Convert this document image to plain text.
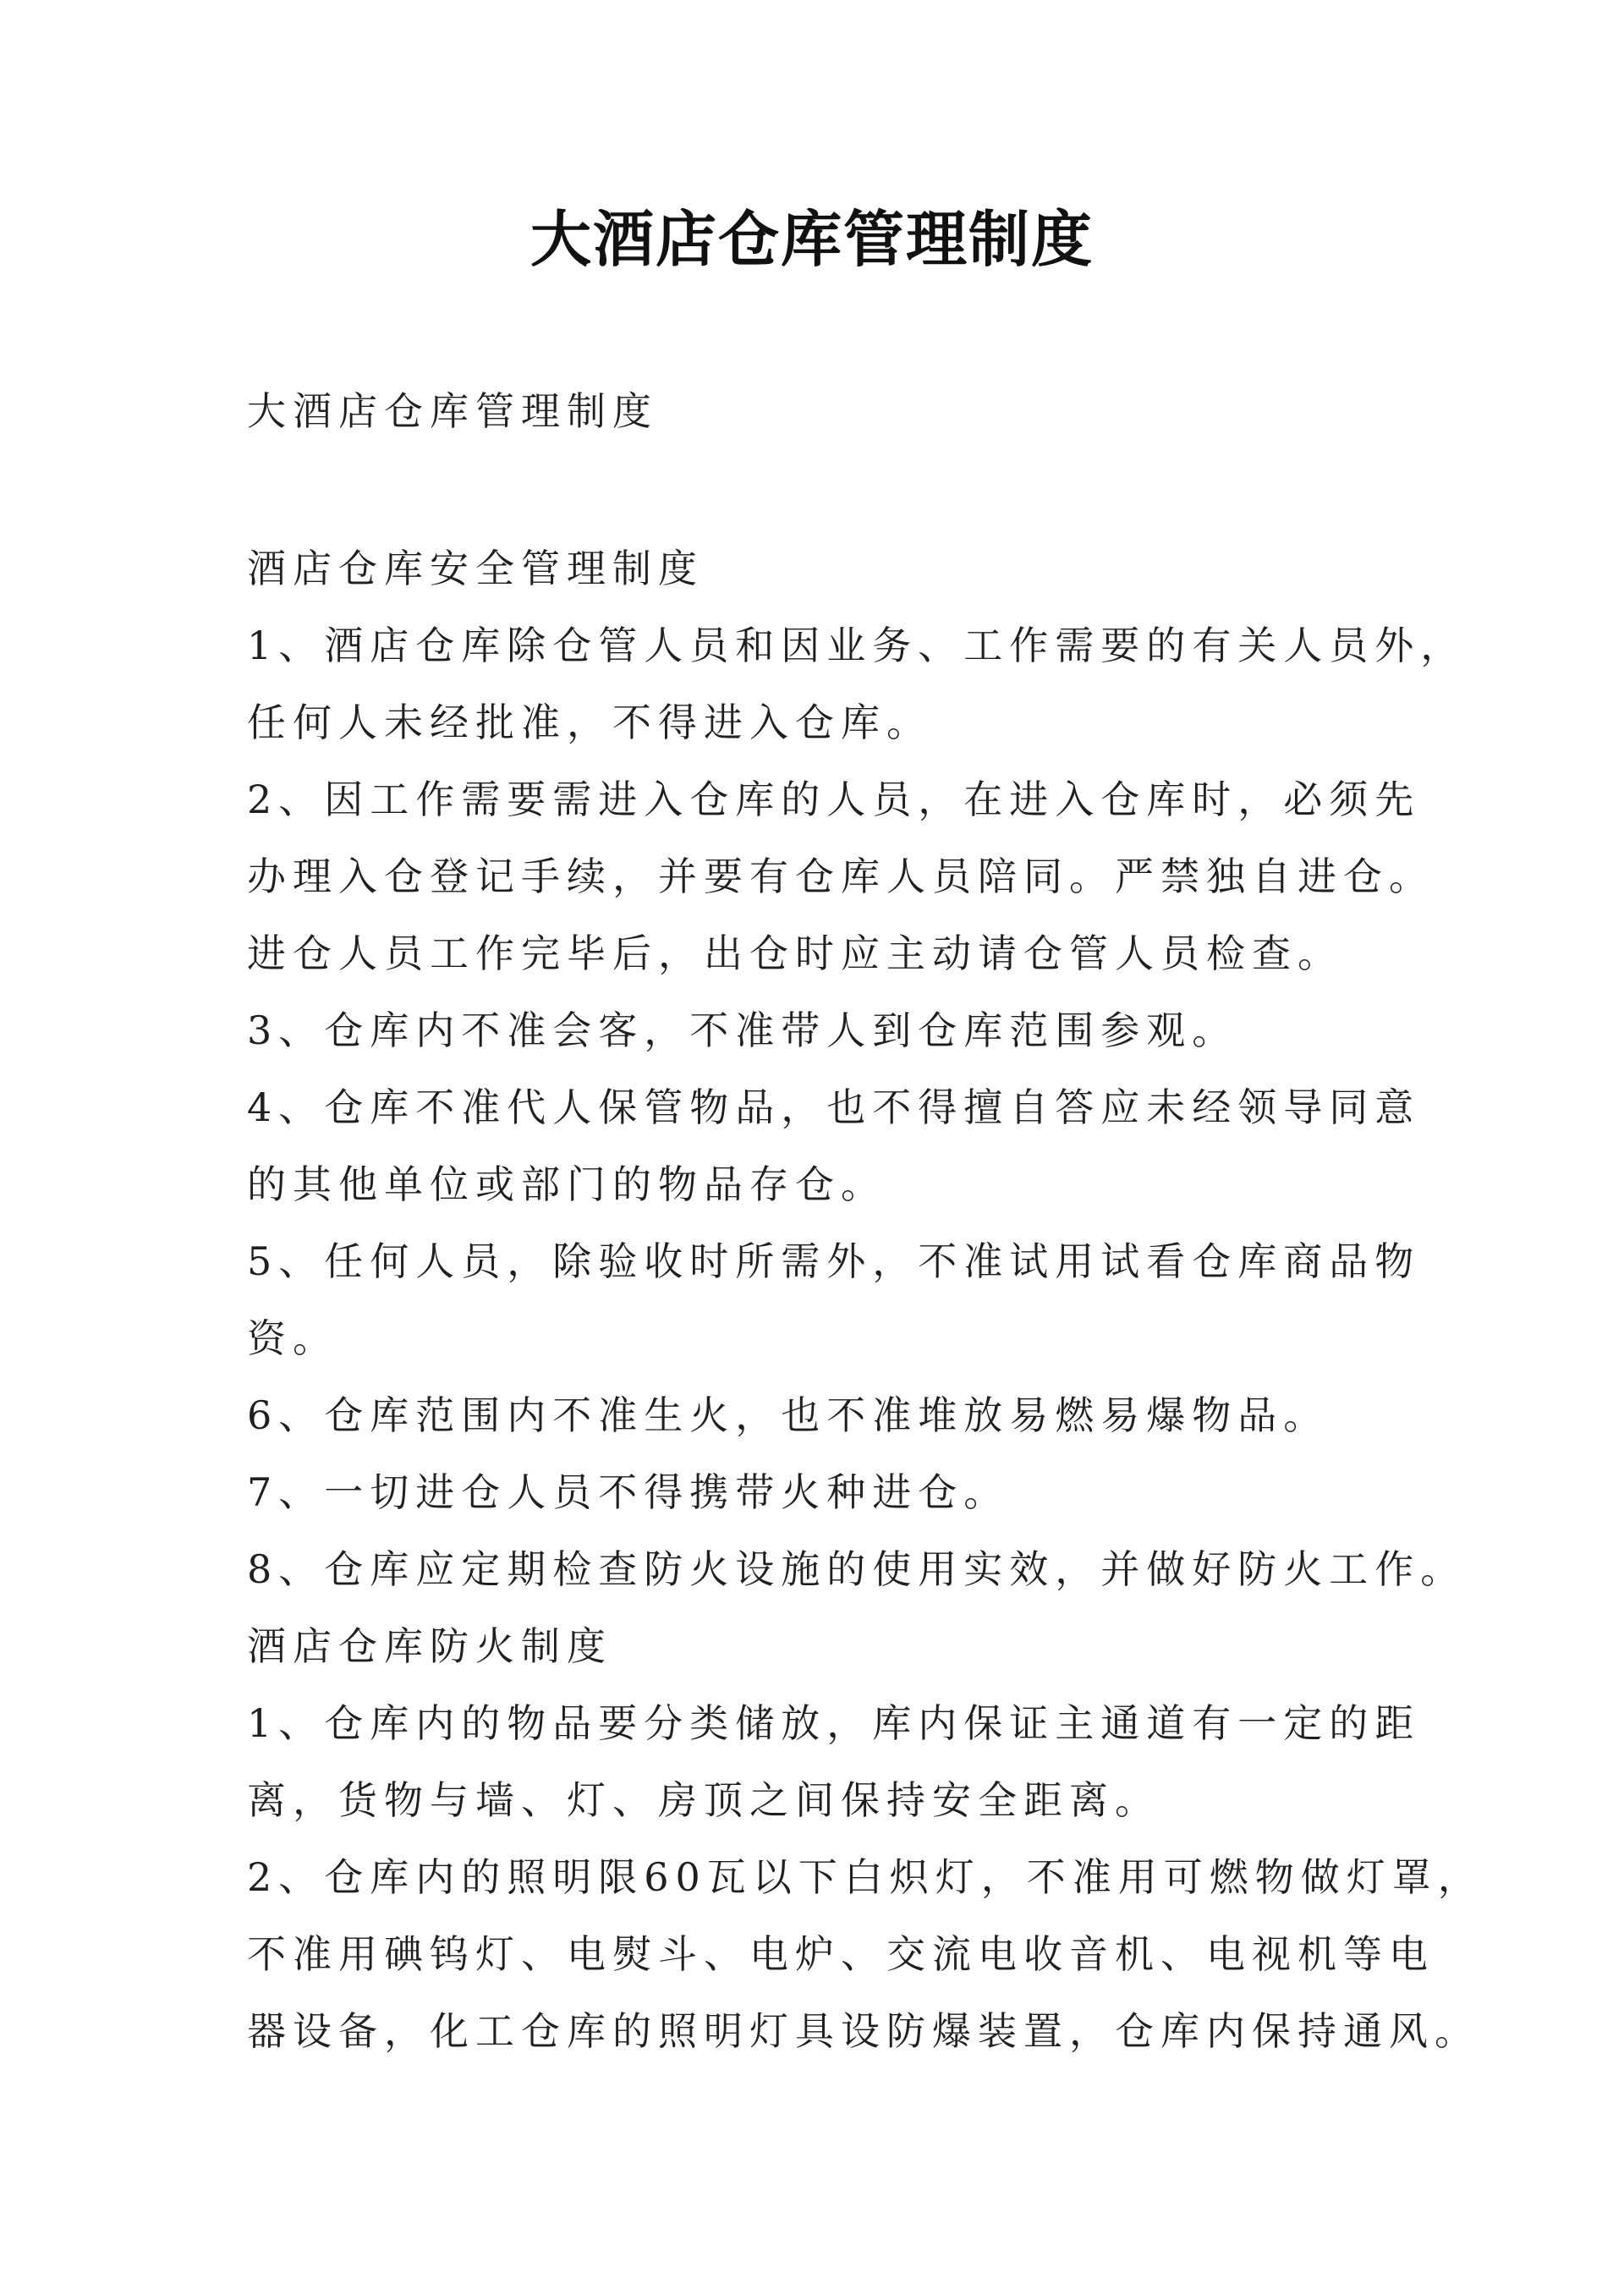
大酒店仓库管理制度
大酒店仓库管理制度
酒店仓库安全管理制度
1、酒店仓库除仓管人员和因业务、工作需要的有关人员外，
任何人未经批准，不得进入仓库。
2、因工作需要需进入仓库的人员，在进入仓库时，必须先
办理入仓登记手续，并要有仓库人员陪同。严禁独自进仓。
进仓人员工作完毕后，出仓时应主动请仓管人员检查。
3、仓库内不准会客，不准带人到仓库范围参观。
4、仓库不准代人保管物品，也不得擅自答应未经领导同意
的其他单位或部门的物品存仓。
5、任何人员，除验收时所需外，不准试用试看仓库商品物
资。
6、仓库范围内不准生火，也不准堆放易燃易爆物品。
7、一切进仓人员不得携带火种进仓。
8、仓库应定期检查防火设施的使用实效，并做好防火工作。
酒店仓库防火制度
1、仓库内的物品要分类储放，库内保证主通道有一定的距
离，货物与墙、灯、房顶之间保持安全距离。
2、仓库内的照明限60瓦以下白炽灯，不准用可燃物做灯罩，
不准用碘钨灯、电熨斗、电炉、交流电收音机、电视机等电
器设备，化工仓库的照明灯具设防爆装置，仓库内保持通风。
